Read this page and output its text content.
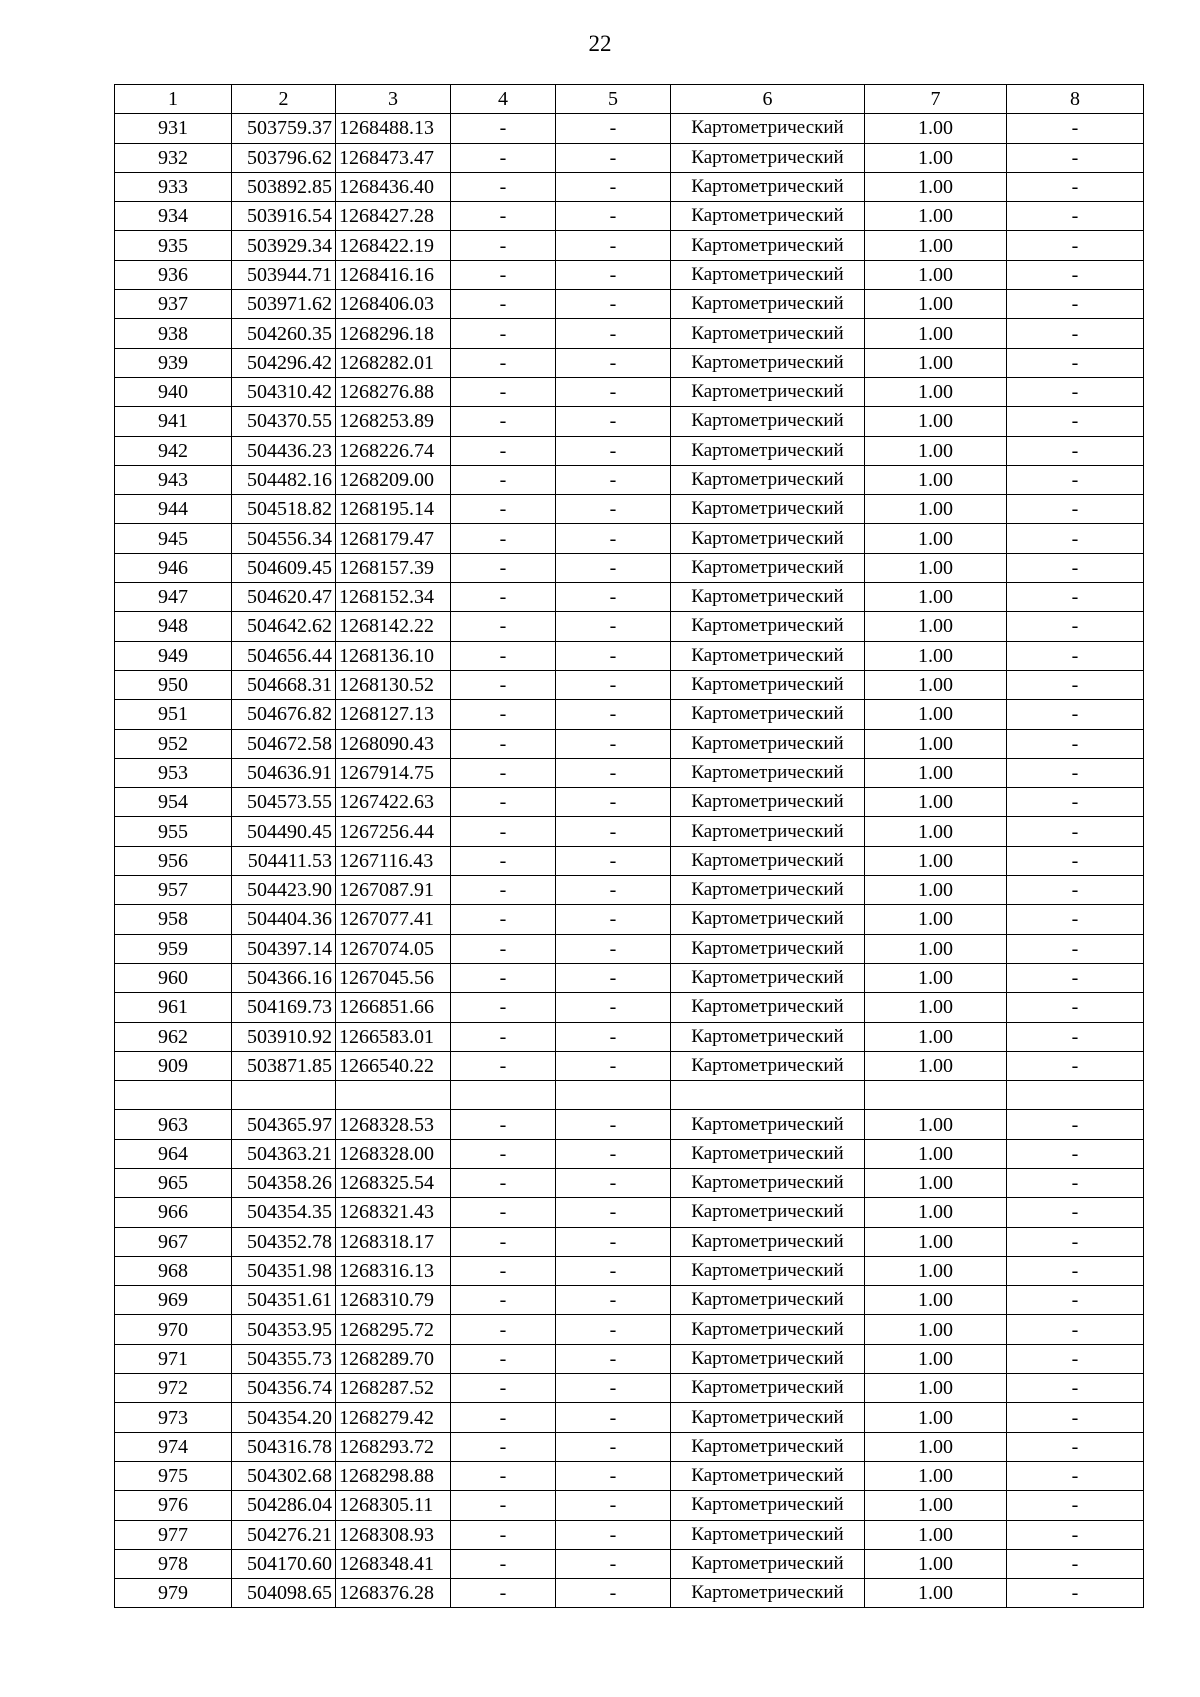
22
1	2	3	4	5	6	7	8
931	503759.37	1268488.13	-	-	Картометрический	1.00	-
932	503796.62	1268473.47	-	-	Картометрический	1.00	-
933	503892.85	1268436.40	-	-	Картометрический	1.00	-
934	503916.54	1268427.28	-	-	Картометрический	1.00	-
935	503929.34	1268422.19	-	-	Картометрический	1.00	-
936	503944.71	1268416.16	-	-	Картометрический	1.00	-
937	503971.62	1268406.03	-	-	Картометрический	1.00	-
938	504260.35	1268296.18	-	-	Картометрический	1.00	-
939	504296.42	1268282.01	-	-	Картометрический	1.00	-
940	504310.42	1268276.88	-	-	Картометрический	1.00	-
941	504370.55	1268253.89	-	-	Картометрический	1.00	-
942	504436.23	1268226.74	-	-	Картометрический	1.00	-
943	504482.16	1268209.00	-	-	Картометрический	1.00	-
944	504518.82	1268195.14	-	-	Картометрический	1.00	-
945	504556.34	1268179.47	-	-	Картометрический	1.00	-
946	504609.45	1268157.39	-	-	Картометрический	1.00	-
947	504620.47	1268152.34	-	-	Картометрический	1.00	-
948	504642.62	1268142.22	-	-	Картометрический	1.00	-
949	504656.44	1268136.10	-	-	Картометрический	1.00	-
950	504668.31	1268130.52	-	-	Картометрический	1.00	-
951	504676.82	1268127.13	-	-	Картометрический	1.00	-
952	504672.58	1268090.43	-	-	Картометрический	1.00	-
953	504636.91	1267914.75	-	-	Картометрический	1.00	-
954	504573.55	1267422.63	-	-	Картометрический	1.00	-
955	504490.45	1267256.44	-	-	Картометрический	1.00	-
956	504411.53	1267116.43	-	-	Картометрический	1.00	-
957	504423.90	1267087.91	-	-	Картометрический	1.00	-
958	504404.36	1267077.41	-	-	Картометрический	1.00	-
959	504397.14	1267074.05	-	-	Картометрический	1.00	-
960	504366.16	1267045.56	-	-	Картометрический	1.00	-
961	504169.73	1266851.66	-	-	Картометрический	1.00	-
962	503910.92	1266583.01	-	-	Картометрический	1.00	-
909	503871.85	1266540.22	-	-	Картометрический	1.00	-

963	504365.97	1268328.53	-	-	Картометрический	1.00	-
964	504363.21	1268328.00	-	-	Картометрический	1.00	-
965	504358.26	1268325.54	-	-	Картометрический	1.00	-
966	504354.35	1268321.43	-	-	Картометрический	1.00	-
967	504352.78	1268318.17	-	-	Картометрический	1.00	-
968	504351.98	1268316.13	-	-	Картометрический	1.00	-
969	504351.61	1268310.79	-	-	Картометрический	1.00	-
970	504353.95	1268295.72	-	-	Картометрический	1.00	-
971	504355.73	1268289.70	-	-	Картометрический	1.00	-
972	504356.74	1268287.52	-	-	Картометрический	1.00	-
973	504354.20	1268279.42	-	-	Картометрический	1.00	-
974	504316.78	1268293.72	-	-	Картометрический	1.00	-
975	504302.68	1268298.88	-	-	Картометрический	1.00	-
976	504286.04	1268305.11	-	-	Картометрический	1.00	-
977	504276.21	1268308.93	-	-	Картометрический	1.00	-
978	504170.60	1268348.41	-	-	Картометрический	1.00	-
979	504098.65	1268376.28	-	-	Картометрический	1.00	-
